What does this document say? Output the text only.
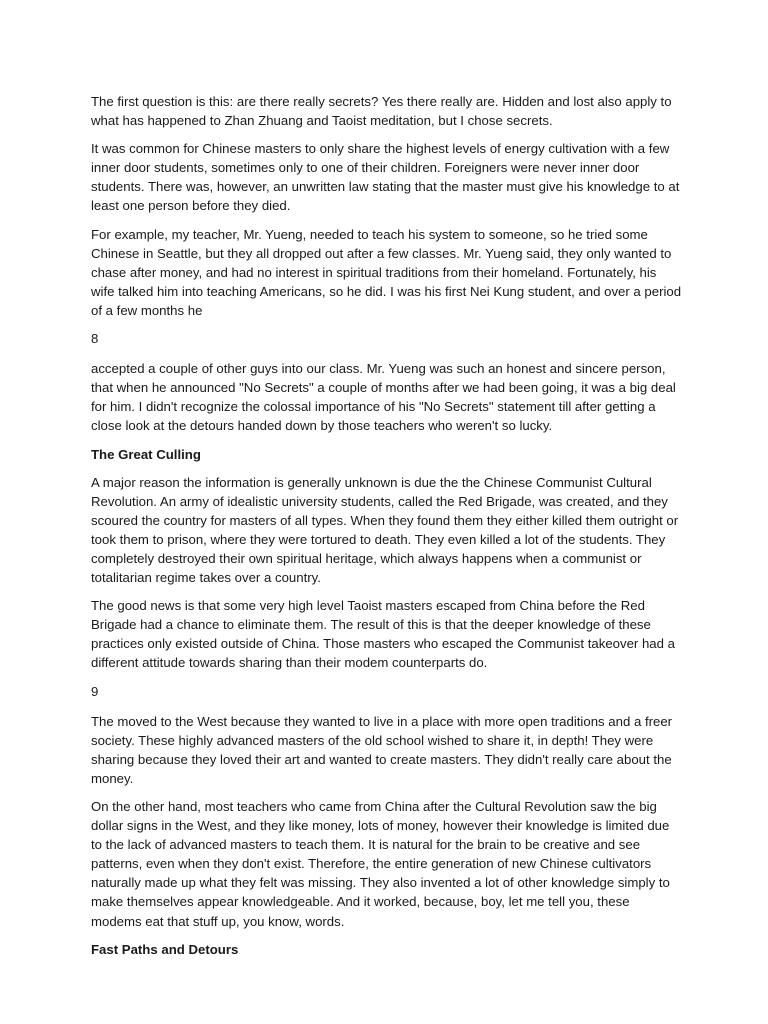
The first question is this: are there really secrets? Yes there really are. Hidden and lost also apply to what has happened to Zhan Zhuang and Taoist meditation, but I chose secrets.

It was common for Chinese masters to only share the highest levels of energy cultivation with a few inner door students, sometimes only to one of their children. Foreigners were never inner door students. There was, however, an unwritten law stating that the master must give his knowledge to at least one person before they died.

For example, my teacher, Mr. Yueng, needed to teach his system to someone, so he tried some Chinese in Seattle, but they all dropped out after a few classes. Mr. Yueng said, they only wanted to chase after money, and had no interest in spiritual traditions from their homeland. Fortunately, his wife talked him into teaching Americans, so he did. I was his first Nei Kung student, and over a period of a few months he

8

accepted a couple of other guys into our class. Mr. Yueng was such an honest and sincere person, that when he announced "No Secrets" a couple of months after we had been going, it was a big deal for him. I didn't recognize the colossal importance of his "No Secrets" statement till after getting a close look at the detours handed down by those teachers who weren't so lucky.

The Great Culling

A major reason the information is generally unknown is due the the Chinese Communist Cultural Revolution. An army of idealistic university students, called the Red Brigade, was created, and they scoured the country for masters of all types. When they found them they either killed them outright or took them to prison, where they were tortured to death. They even killed a lot of the students. They completely destroyed their own spiritual heritage, which always happens when a communist or totalitarian regime takes over a country.

The good news is that some very high level Taoist masters escaped from China before the Red Brigade had a chance to eliminate them. The result of this is that the deeper knowledge of these practices only existed outside of China. Those masters who escaped the Communist takeover had a different attitude towards sharing than their modem counterparts do.

9

The moved to the West because they wanted to live in a place with more open traditions and a freer society. These highly advanced masters of the old school wished to share it, in depth! They were sharing because they loved their art and wanted to create masters. They didn't really care about the money.

On the other hand, most teachers who came from China after the Cultural Revolution saw the big dollar signs in the West, and they like money, lots of money, however their knowledge is limited due to the lack of advanced masters to teach them. It is natural for the brain to be creative and see patterns, even when they don't exist. Therefore, the entire generation of new Chinese cultivators naturally made up what they felt was missing. They also invented a lot of other knowledge simply to make themselves appear knowledgeable. And it worked, because, boy, let me tell you, these modems eat that stuff up, you know, words.

Fast Paths and Detours
